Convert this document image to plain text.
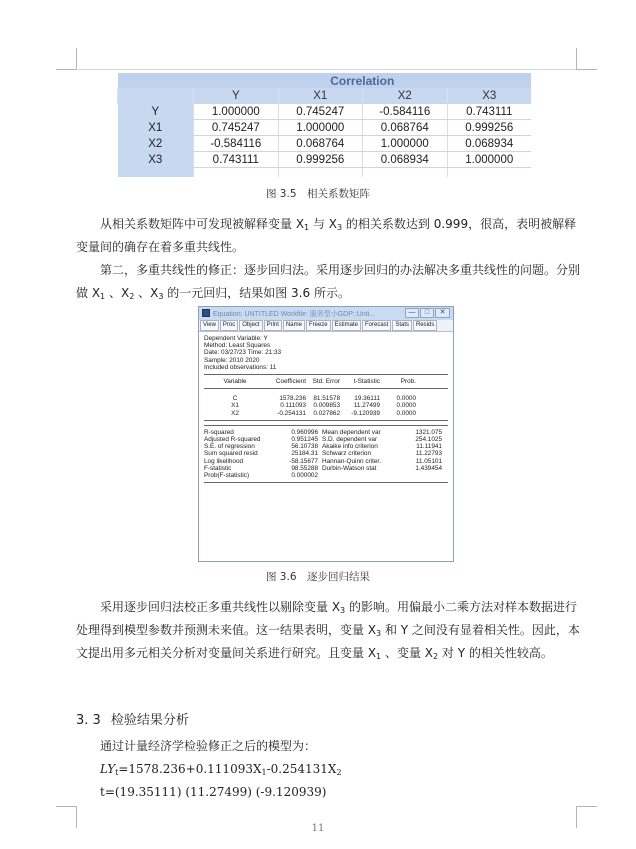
	Correlation			
	Y	X1	X2	X3
Y	1.000000	0.745247	-0.584116	0.743111
X1	0.745247	1.000000	0.068764	0.999256
X2	-0.584116	0.068764	1.000000	0.068934
X3	0.743111	0.999256	0.068934	1.000000

图 3.5　相关系数矩阵

从相关系数矩阵中可发现被解释变量 $X_1$ 与 $X_3$ 的相关系数达到 0.999，很高，表明被解释变量间的确存在着多重共线性。

第二，多重共线性的修正：逐步回归法。采用逐步回归的办法解决多重共线性的问题。分别做 $X_1$ 、$X_2$ 、$X_3$ 的一元回归，结果如图 3.6 所示。

Equation: UNTITLED Workfile: 服务型小GDP::Unti...	—	□	✕
View	Proc	Object	Print	Name	Freeze	Estimate	Forecast	Stats	Resids
Dependent Variable: Y
Method: Least Squares
Date: 03/27/23 Time: 21:33
Sample: 2010 2020
Included observations: 11
Variable	Coefficient	Std. Error	t-Statistic	Prob.
C	1578.236	81.51578	19.36111	0.0000
X1	0.111093	0.009853	11.27499	0.0000
X2	-0.254131	0.027862	-9.120939	0.0000
R-squared	0.960996 Mean dependent var	1321.075
Adjusted R-squared	0.951245 S.D. dependent var	254.1025
S.E. of regression	56.10738 Akaike info criterion	11.11941
Sum squared resid	25184.31 Schwarz criterion	11.22793
Log likelihood	-58.15677 Hannan-Quinn criter.	11.05101
F-statistic	98.55288 Durbin-Watson stat	1.439454
Prob(F-statistic)	0.000002
图 3.6　逐步回归结果

采用逐步回归法校正多重共线性以剔除变量 $X_3$ 的影响。用偏最小二乘方法对样本数据进行处理得到模型参数并预测未来值。这一结果表明，变量 $X_3$ 和 Y 之间没有显着相关性。因此，本文提出用多元相关分析对变量间关系进行研究。且变量 $X_1$ 、变量 $X_2$ 对 Y 的相关性较高。

3. 3 检验结果分析

通过计量经济学检验修正之后的模型为：

$LY_t=1578.236+0.111093X_1-0.254131X_2$

t=(19.35111) (11.27499) (-9.120939)

11
